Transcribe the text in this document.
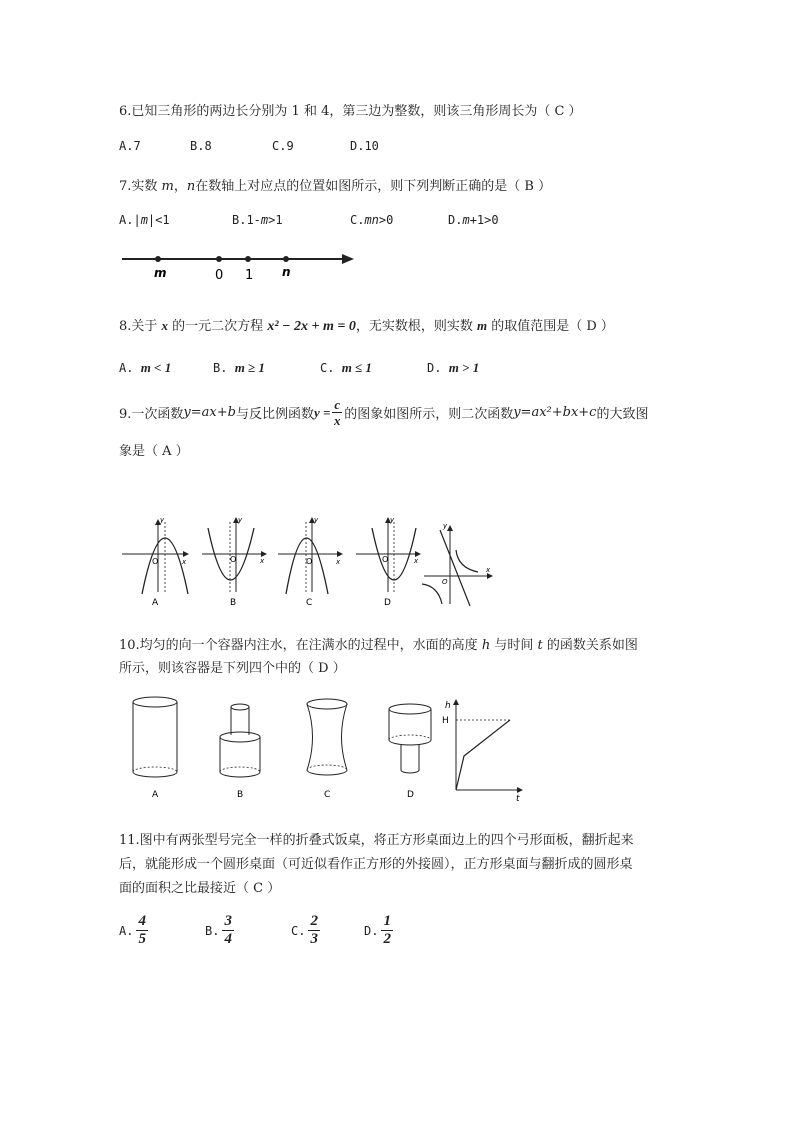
6.已知三角形的两边长分别为 1 和 4，第三边为整数，则该三角形周长为（ C ）
A.7	B.8	C.9	D.10
7.实数 m，n在数轴上对应点的位置如图所示，则下列判断正确的是（ B ）
A.|m|<1	B.1-m>1	C.mn>0	D.m+1>0
m	0 1 n
8.关于 x 的一元二次方程 x² − 2x + m = 0，无实数根，则实数 m 的取值范围是（ D ）
A. m < 1	B. m ≥ 1	C. m ≤ 1	D. m > 1
9.一次函数 y=ax+b 与反比例函数 $y = \frac{c}{x}$ 的图象如图所示，则二次函数 y=ax²+bx+c 的大致图
象是（ A ）
O	x
y
A
O	x
y
B
O	x
y
C
O	x
y
D
O
x
y
10.均匀的向一个容器内注水，在注满水的过程中，水面的高度 h 与时间 t 的函数关系如图
所示，则该容器是下列四个中的（ D ）
A	B	C	D
h
H
t
11.图中有两张型号完全一样的折叠式饭桌，将正方形桌面边上的四个弓形面板，翻折起来
后，就能形成一个圆形桌面（可近似看作正方形的外接圆），正方形桌面与翻折成的圆形桌
面的面积之比最接近（ C ）
A. $\frac{4}{5}$	B. $\frac{3}{4}$	C. $\frac{2}{3}$	D. $\frac{1}{2}$
